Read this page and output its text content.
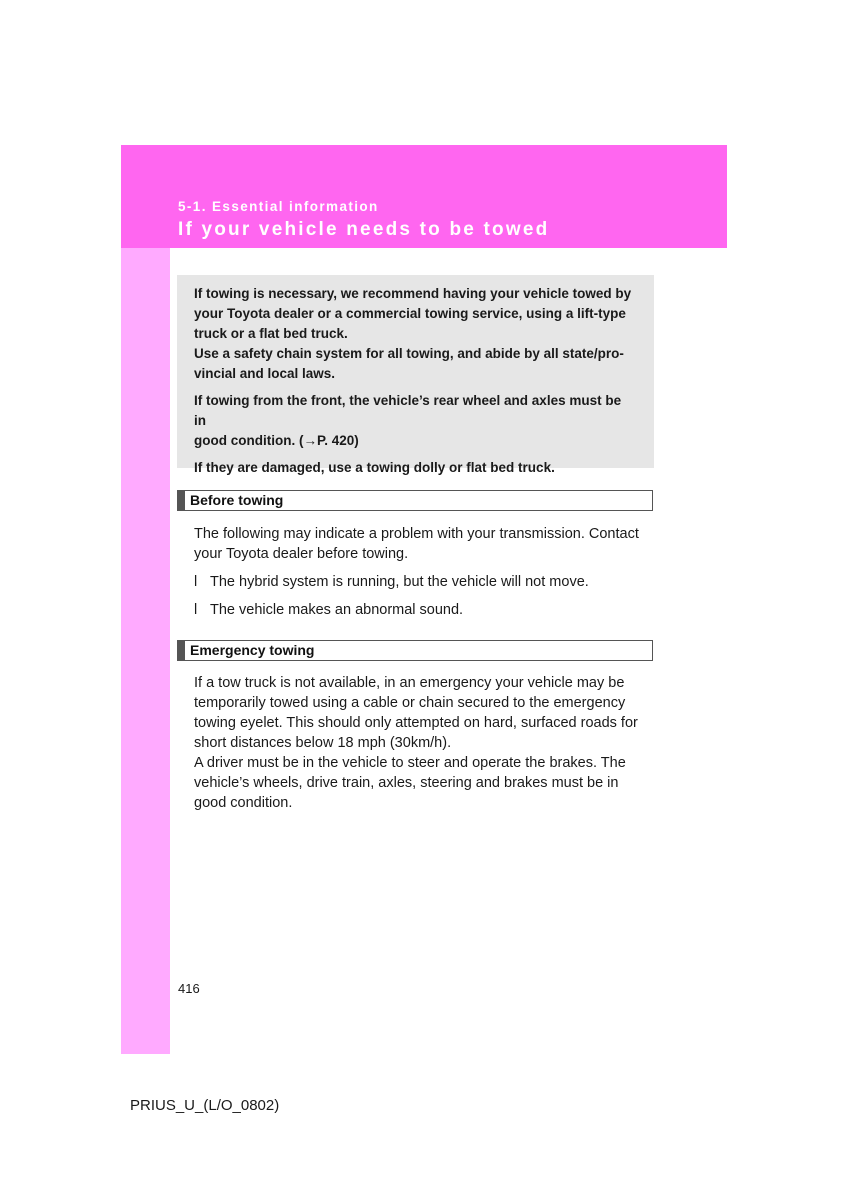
5-1. Essential information
If your vehicle needs to be towed

If towing is necessary, we recommend having your vehicle towed by
your Toyota dealer or a commercial towing service, using a lift-type
truck or a flat bed truck.
Use a safety chain system for all towing, and abide by all state/pro-
vincial and local laws.

If towing from the front, the vehicle’s rear wheel and axles must be in
good condition. (→P. 420)

If they are damaged, use a towing dolly or flat bed truck.

Before towing
The following may indicate a problem with your transmission. Contact
your Toyota dealer before towing.
l The hybrid system is running, but the vehicle will not move.
l The vehicle makes an abnormal sound.
Emergency towing
If a tow truck is not available, in an emergency your vehicle may be
temporarily towed using a cable or chain secured to the emergency
towing eyelet. This should only attempted on hard, surfaced roads for
short distances below 18 mph (30km/h).
A driver must be in the vehicle to steer and operate the brakes. The
vehicle’s wheels, drive train, axles, steering and brakes must be in
good condition.
416
PRIUS_U_(L/O_0802)
